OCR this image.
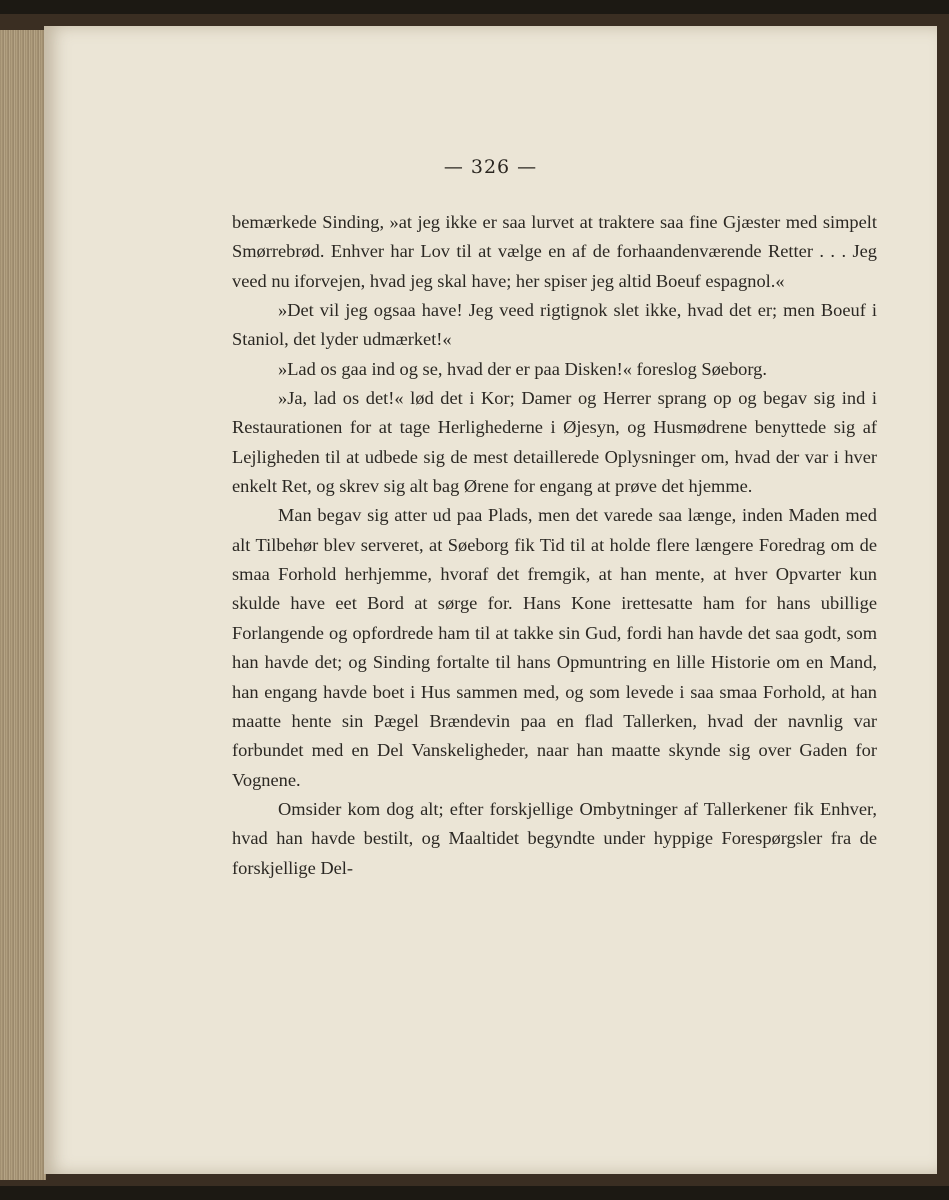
— 326 —

bemærkede Sinding, »at jeg ikke er saa lurvet at traktere saa fine Gjæster med simpelt Smørrebrød. Enhver har Lov til at vælge en af de forhaandenværende Retter . . . Jeg veed nu iforvejen, hvad jeg skal have; her spiser jeg altid Boeuf espagnol.«

»Det vil jeg ogsaa have! Jeg veed rigtignok slet ikke, hvad det er; men Boeuf i Staniol, det lyder udmærket!«

»Lad os gaa ind og se, hvad der er paa Disken!« foreslog Søeborg.

»Ja, lad os det!« lød det i Kor; Damer og Herrer sprang op og begav sig ind i Restaurationen for at tage Herlighederne i Øjesyn, og Husmødrene benyttede sig af Lejligheden til at udbede sig de mest detaillerede Oplysninger om, hvad der var i hver enkelt Ret, og skrev sig alt bag Ørene for engang at prøve det hjemme.

Man begav sig atter ud paa Plads, men det varede saa længe, inden Maden med alt Tilbehør blev serveret, at Søeborg fik Tid til at holde flere længere Foredrag om de smaa Forhold herhjemme, hvoraf det fremgik, at han mente, at hver Opvarter kun skulde have eet Bord at sørge for. Hans Kone irettesatte ham for hans ubillige Forlangende og opfordrede ham til at takke sin Gud, fordi han havde det saa godt, som han havde det; og Sinding fortalte til hans Opmuntring en lille Historie om en Mand, han engang havde boet i Hus sammen med, og som levede i saa smaa Forhold, at han maatte hente sin Pægel Brændevin paa en flad Tallerken, hvad der navnlig var forbundet med en Del Vanskeligheder, naar han maatte skynde sig over Gaden for Vognene.

Omsider kom dog alt; efter forskjellige Ombytninger af Tallerkener fik Enhver, hvad han havde bestilt, og Maaltidet begyndte under hyppige Forespørgsler fra de forskjellige Del-
